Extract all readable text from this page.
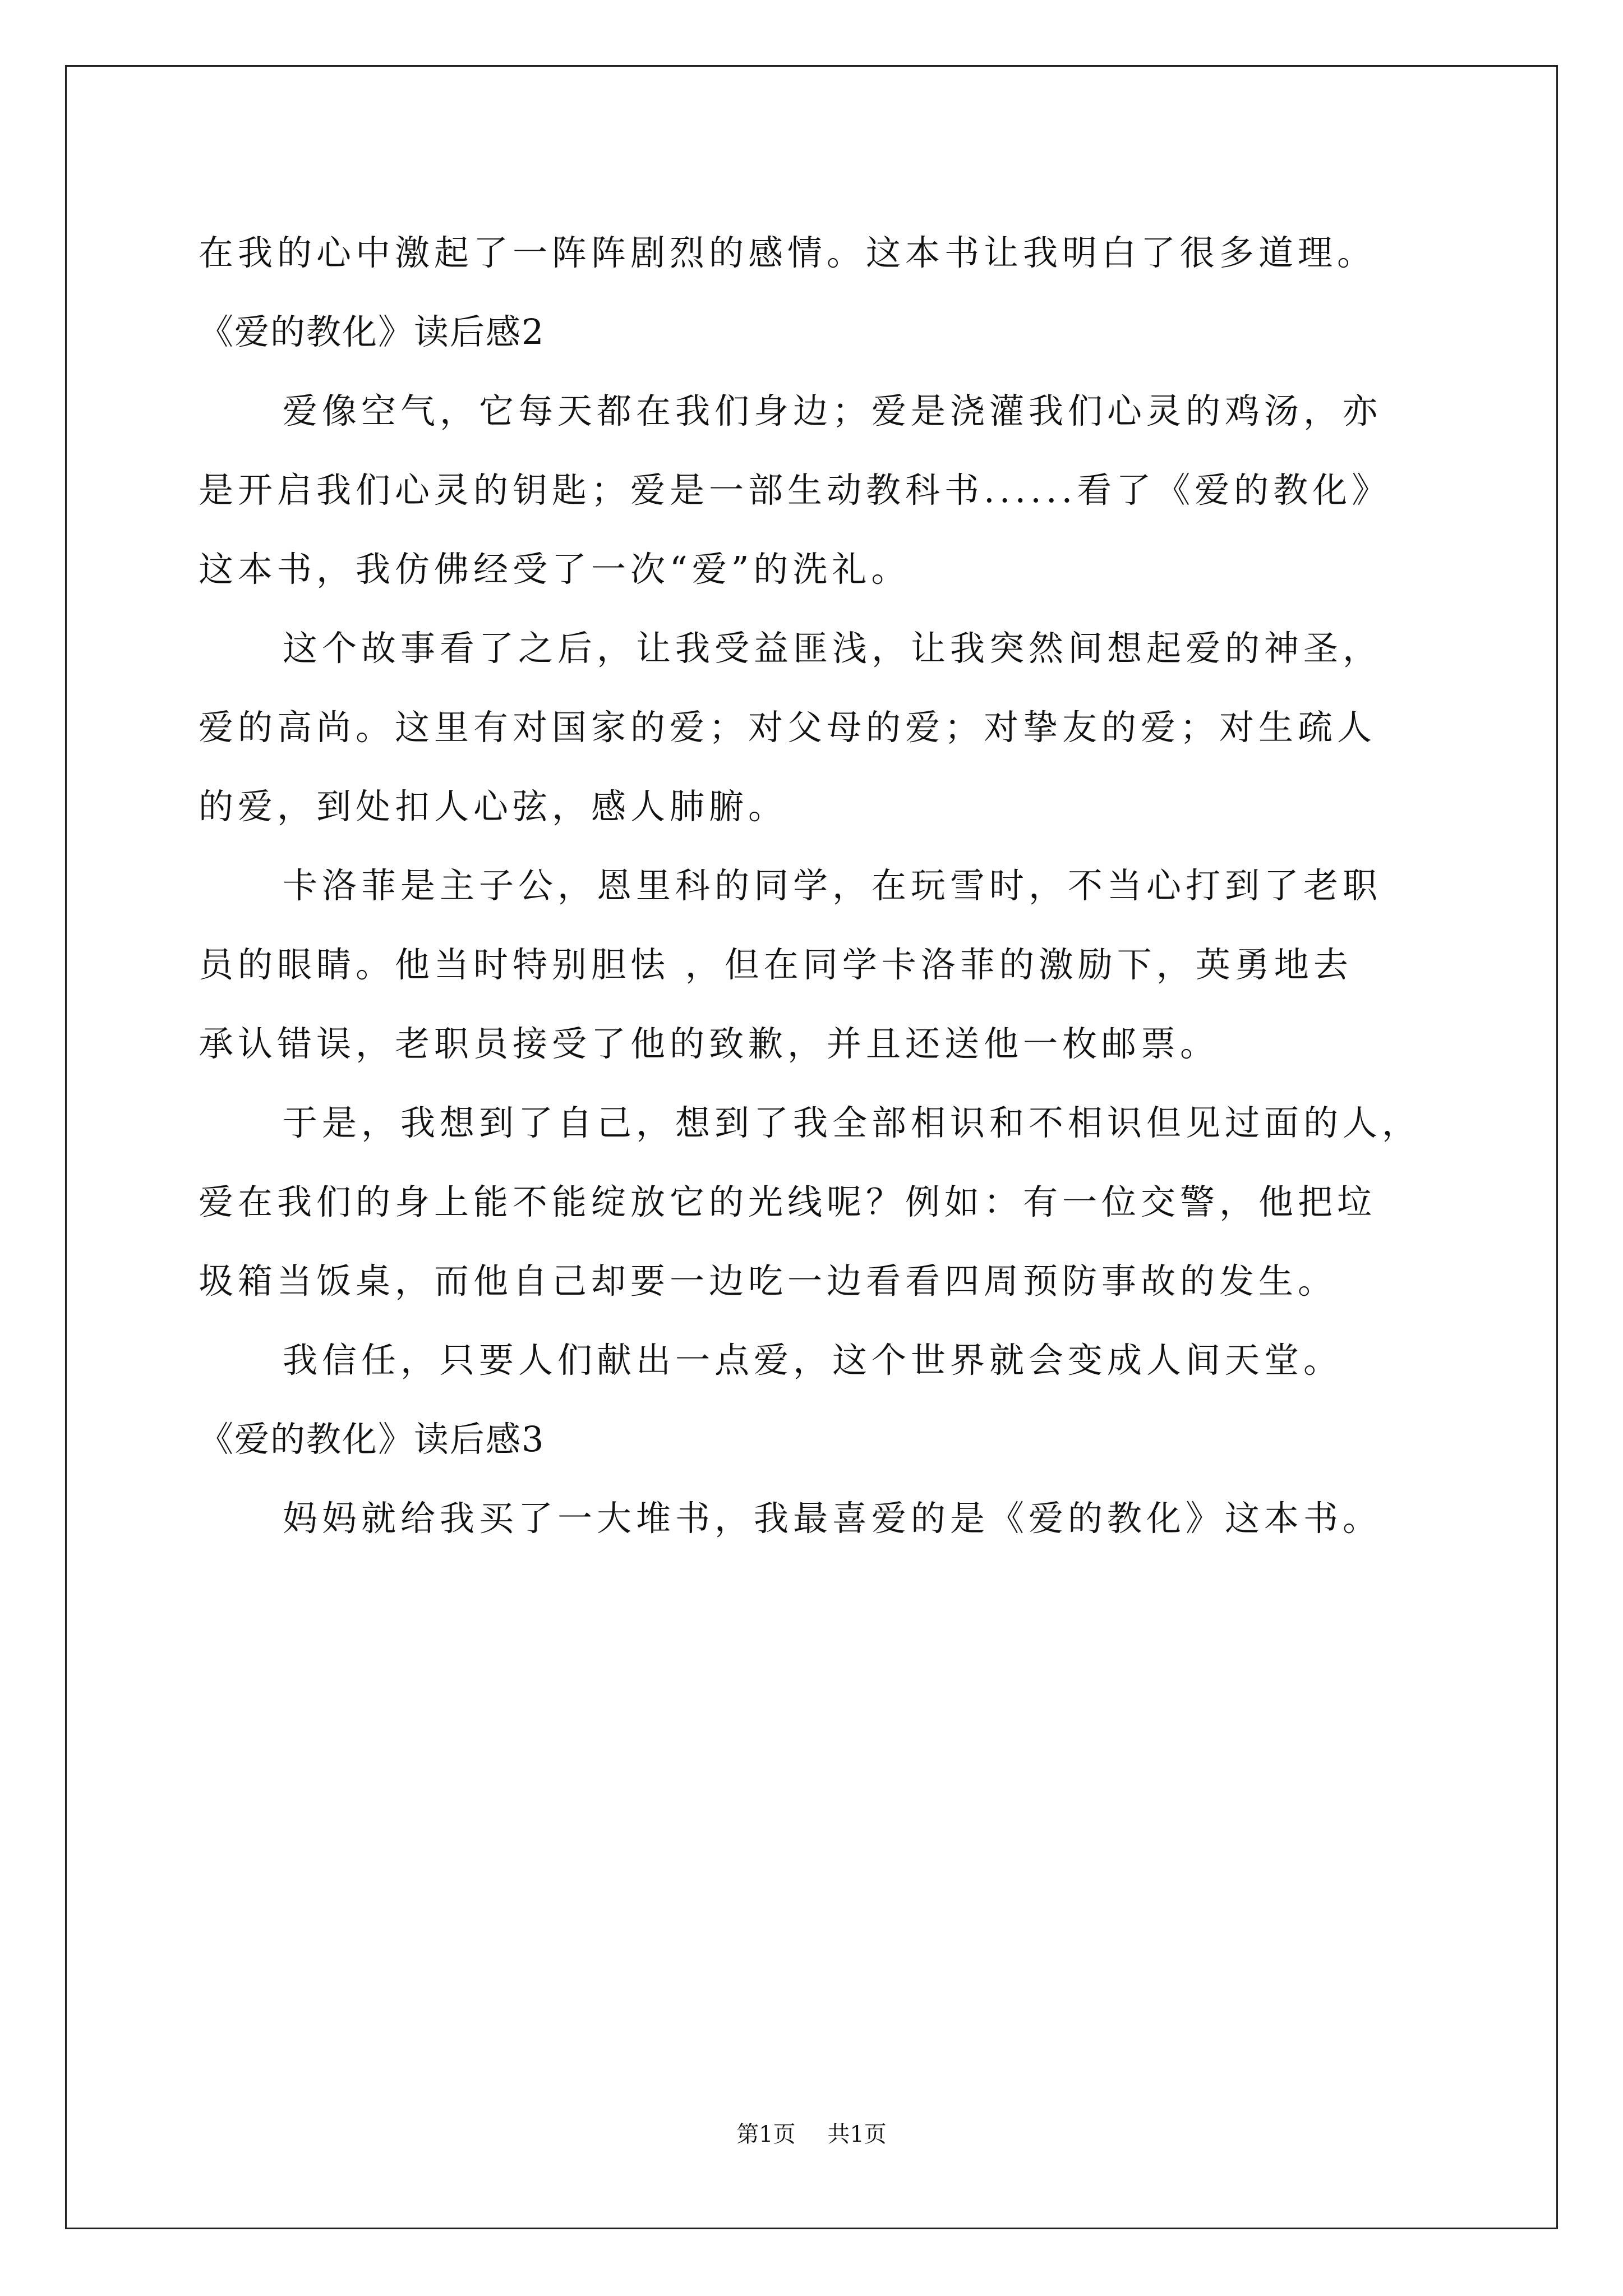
在我的心中激起了一阵阵剧烈的感情。这本书让我明白了很多道理。
《爱的教化》读后感2
爱像空气，它每天都在我们身边；爱是浇灌我们心灵的鸡汤，亦
是开启我们心灵的钥匙；爱是一部生动教科书......看了《爱的教化》
这本书，我仿佛经受了一次“爱”的洗礼。
这个故事看了之后，让我受益匪浅，让我突然间想起爱的神圣，
爱的高尚。这里有对国家的爱；对父母的爱；对挚友的爱；对生疏人
的爱，到处扣人心弦，感人肺腑。
卡洛菲是主子公，恩里科的同学，在玩雪时，不当心打到了老职
员的眼睛。他当时特别胆怯 ，但在同学卡洛菲的激励下，英勇地去
承认错误，老职员接受了他的致歉，并且还送他一枚邮票。
于是，我想到了自己，想到了我全部相识和不相识但见过面的人，
爱在我们的身上能不能绽放它的光线呢？例如：有一位交警，他把垃
圾箱当饭桌，而他自己却要一边吃一边看看四周预防事故的发生。
我信任，只要人们献出一点爱，这个世界就会变成人间天堂。
《爱的教化》读后感3
妈妈就给我买了一大堆书，我最喜爱的是《爱的教化》这本书。
第1页 共1页
